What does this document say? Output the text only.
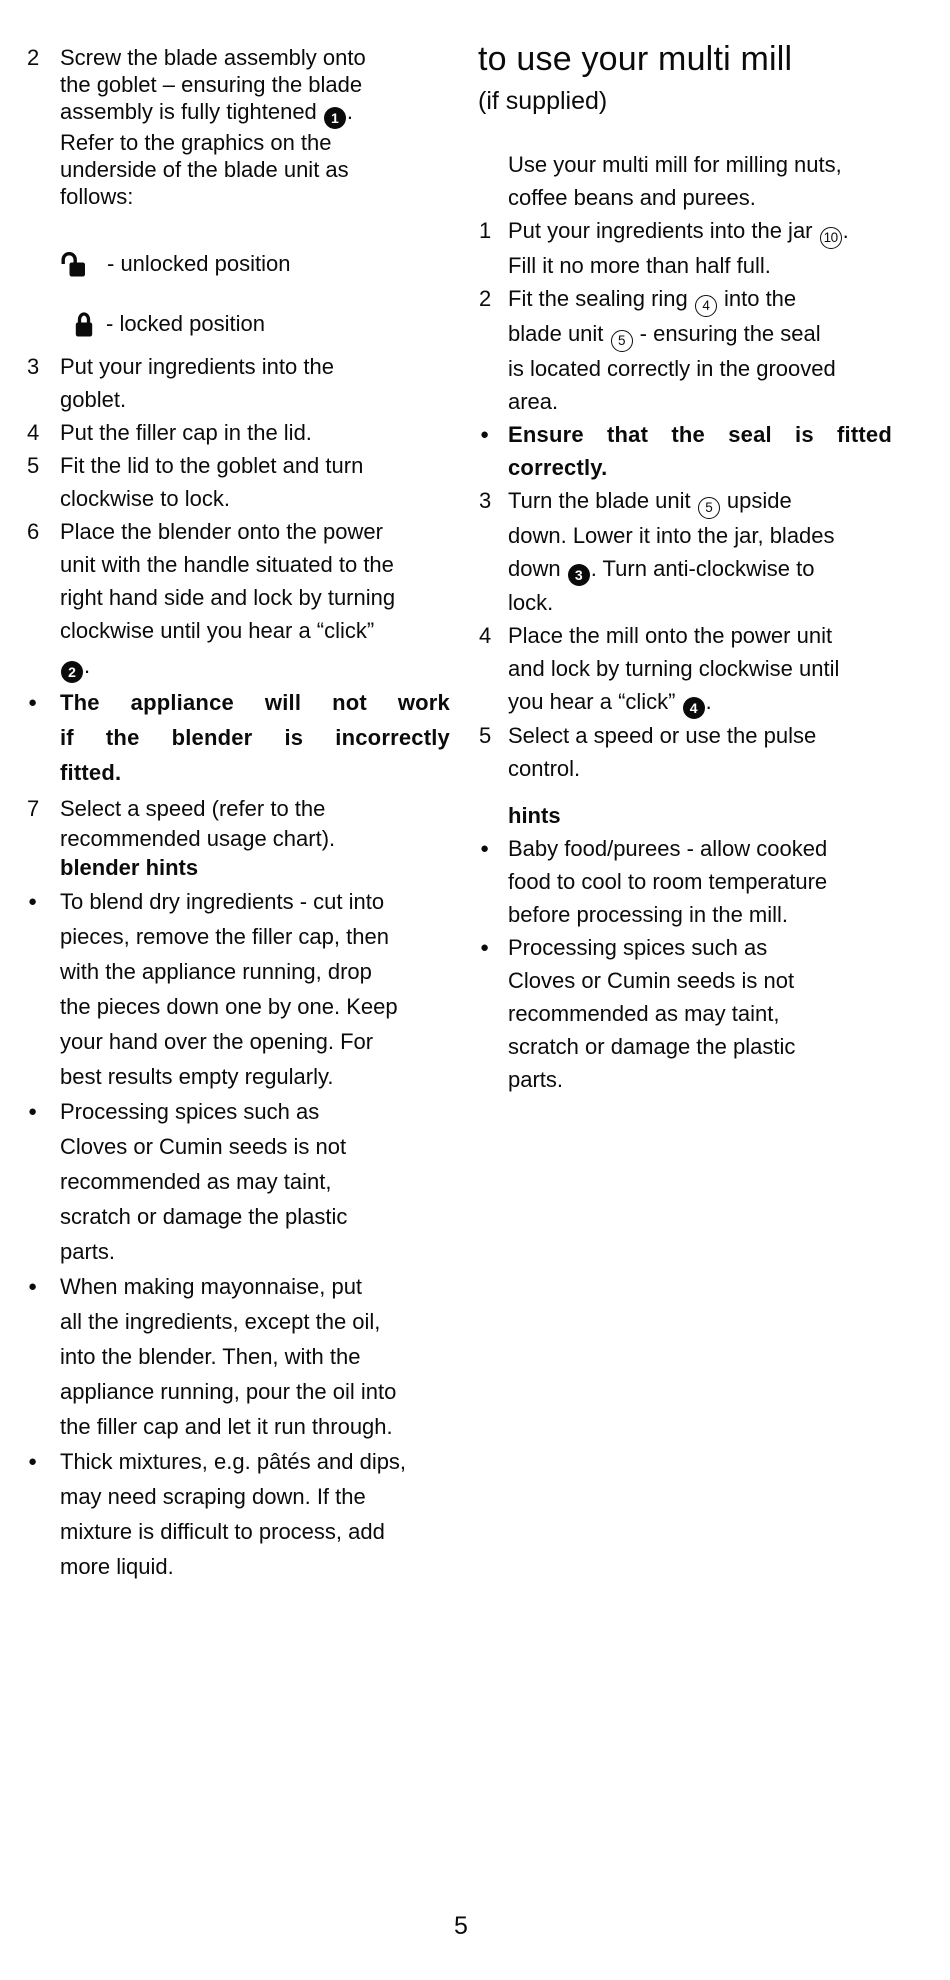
2 Screw the blade assembly onto
the goblet – ensuring the blade
assembly is fully tightened 1 .
Refer to the graphics on the
underside of the blade unit as
follows:
- unlocked position
- locked position
3 Put your ingredients into the
goblet.
4 Put the filler cap in the lid.
5 Fit the lid to the goblet and turn
clockwise to lock.
6 Place the blender onto the power
unit with the handle situated to the
right hand side and lock by turning
clockwise until you hear a “click”
2 .
● The appliance will not work
if the blender is incorrectly
fitted.
7 Select a speed (refer to the
recommended usage chart).
blender hints
● To blend dry ingredients - cut into
pieces, remove the filler cap, then
with the appliance running, drop
the pieces down one by one. Keep
your hand over the opening. For
best results empty regularly.
● Processing spices such as
Cloves or Cumin seeds is not
recommended as may taint,
scratch or damage the plastic
parts.
● When making mayonnaise, put
all the ingredients, except the oil,
into the blender. Then, with the
appliance running, pour the oil into
the filler cap and let it run through.
● Thick mixtures, e.g. pâtés and dips,
may need scraping down. If the
mixture is difficult to process, add
more liquid.
to use your multi mill
(if supplied)
Use your multi mill for milling nuts,
coffee beans and purees.
1 Put your ingredients into the jar 10 .
Fill it no more than half full.
2 Fit the sealing ring 4 into the
blade unit 5 - ensuring the seal
is located correctly in the grooved
area.
● Ensure that the seal is fitted
correctly.
3 Turn the blade unit 5 upside
down. Lower it into the jar, blades
down 3 . Turn anti-clockwise to
lock.
4 Place the mill onto the power unit
and lock by turning clockwise until
you hear a “click” 4 .
5 Select a speed or use the pulse
control.
hints
● Baby food/purees - allow cooked
food to cool to room temperature
before processing in the mill.
● Processing spices such as
Cloves or Cumin seeds is not
recommended as may taint,
scratch or damage the plastic
parts.
5
